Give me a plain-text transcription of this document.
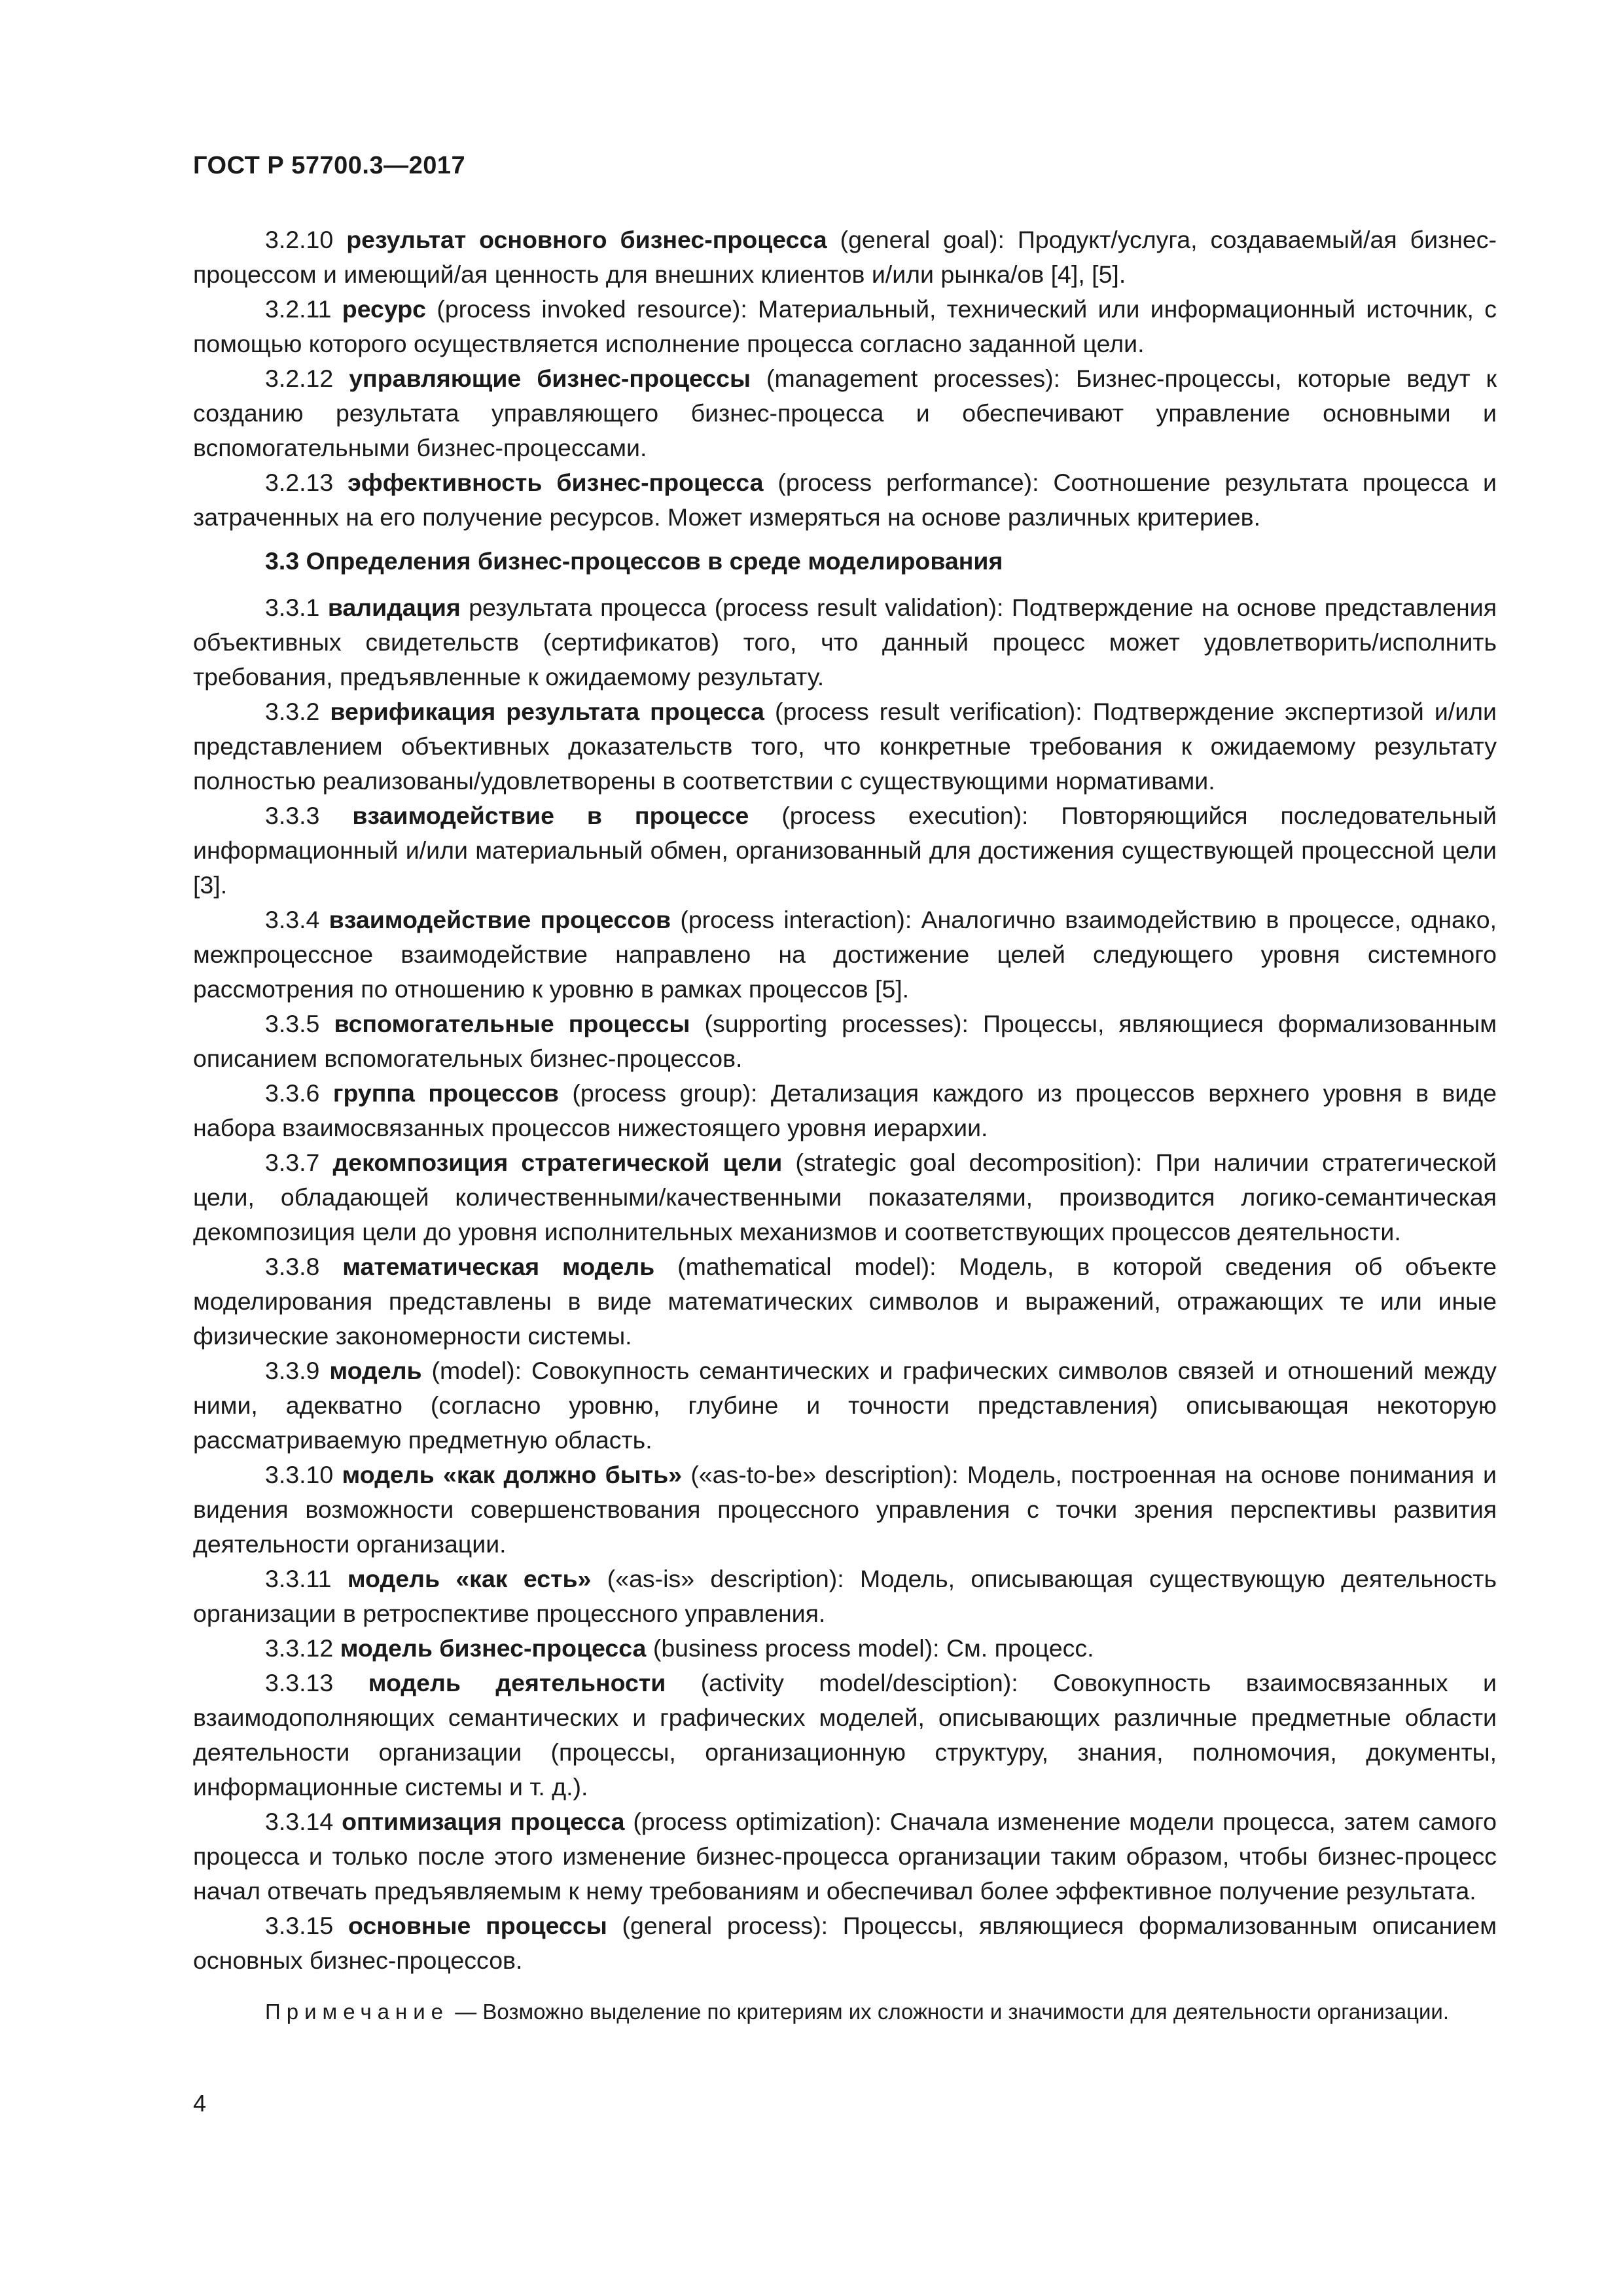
ГОСТ Р 57700.3—2017

3.2.10 результат основного бизнес-процесса (general goal): Продукт/услуга, создаваемый/ая бизнес-процессом и имеющий/ая ценность для внешних клиентов и/или рынка/ов [4], [5].

3.2.11 ресурс (process invoked resource): Материальный, технический или информационный источник, с помощью которого осуществляется исполнение процесса согласно заданной цели.

3.2.12 управляющие бизнес-процессы (management processes): Бизнес-процессы, которые ведут к созданию результата управляющего бизнес-процесса и обеспечивают управление основными и вспомогательными бизнес-процессами.

3.2.13 эффективность бизнес-процесса (process performance): Соотношение результата процесса и затраченных на его получение ресурсов. Может измеряться на основе различных критериев.

3.3 Определения бизнес-процессов в среде моделирования

3.3.1 валидация результата процесса (process result validation): Подтверждение на основе представления объективных свидетельств (сертификатов) того, что данный процесс может удовлетворить/исполнить требования, предъявленные к ожидаемому результату.

3.3.2 верификация результата процесса (process result verification): Подтверждение экспертизой и/или представлением объективных доказательств того, что конкретные требования к ожидаемому результату полностью реализованы/удовлетворены в соответствии с существующими нормативами.

3.3.3 взаимодействие в процессе (process execution): Повторяющийся последовательный информационный и/или материальный обмен, организованный для достижения существующей процессной цели [3].

3.3.4 взаимодействие процессов (process interaction): Аналогично взаимодействию в процессе, однако, межпроцессное взаимодействие направлено на достижение целей следующего уровня системного рассмотрения по отношению к уровню в рамках процессов [5].

3.3.5 вспомогательные процессы (supporting processes): Процессы, являющиеся формализованным описанием вспомогательных бизнес-процессов.

3.3.6 группа процессов (process group): Детализация каждого из процессов верхнего уровня в виде набора взаимосвязанных процессов нижестоящего уровня иерархии.

3.3.7 декомпозиция стратегической цели (strategic goal decomposition): При наличии стратегической цели, обладающей количественными/качественными показателями, производится логико-семантическая декомпозиция цели до уровня исполнительных механизмов и соответствующих процессов деятельности.

3.3.8 математическая модель (mathematical model): Модель, в которой сведения об объекте моделирования представлены в виде математических символов и выражений, отражающих те или иные физические закономерности системы.

3.3.9 модель (model): Совокупность семантических и графических символов связей и отношений между ними, адекватно (согласно уровню, глубине и точности представления) описывающая некоторую рассматриваемую предметную область.

3.3.10 модель «как должно быть» («as-to-be» description): Модель, построенная на основе понимания и видения возможности совершенствования процессного управления с точки зрения перспективы развития деятельности организации.

3.3.11 модель «как есть» («as-is» description): Модель, описывающая существующую деятельность организации в ретроспективе процессного управления.

3.3.12 модель бизнес-процесса (business process model): См. процесс.

3.3.13 модель деятельности (activity model/desciption): Совокупность взаимосвязанных и взаимодополняющих семантических и графических моделей, описывающих различные предметные области деятельности организации (процессы, организационную структуру, знания, полномочия, документы, информационные системы и т. д.).

3.3.14 оптимизация процесса (process optimization): Сначала изменение модели процесса, затем самого процесса и только после этого изменение бизнес-процесса организации таким образом, чтобы бизнес-процесс начал отвечать предъявляемым к нему требованиям и обеспечивал более эффективное получение результата.

3.3.15 основные процессы (general process): Процессы, являющиеся формализованным описанием основных бизнес-процессов.

Примечание — Возможно выделение по критериям их сложности и значимости для деятельности организации.

4
